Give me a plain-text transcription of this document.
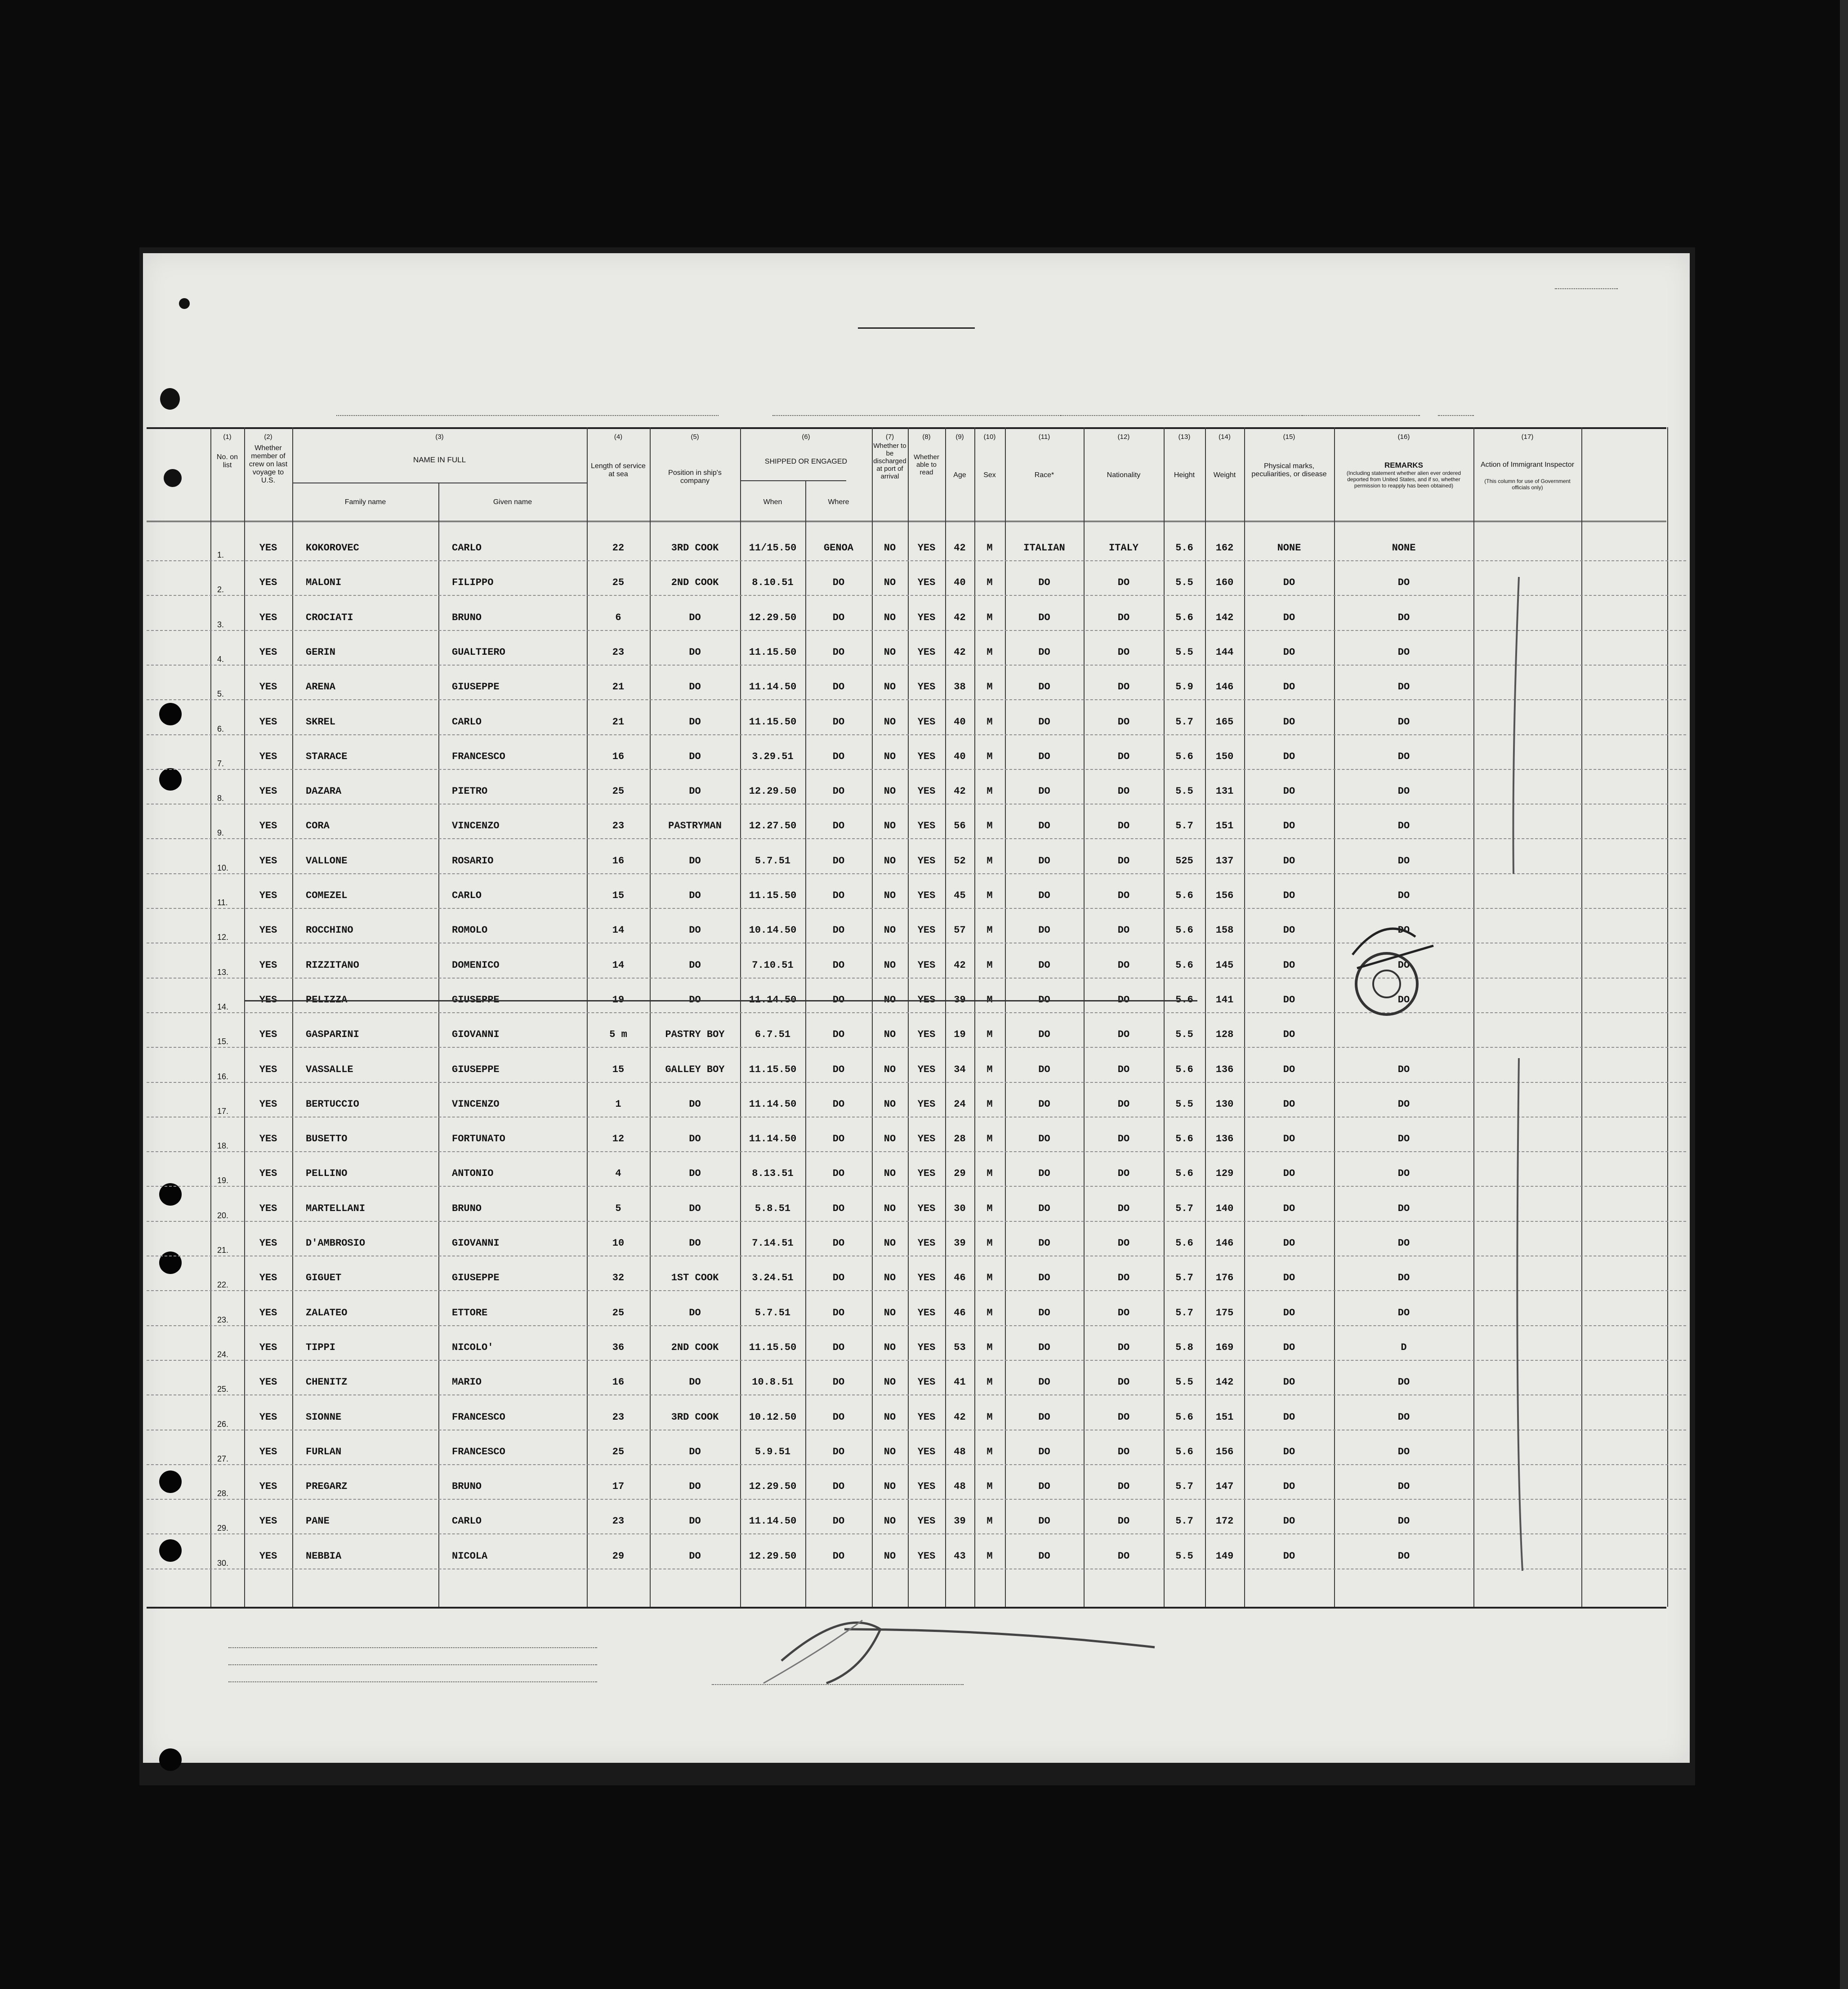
(1)
No. on list
(2)
Whether member of crew on last voyage to U.S.
(3)
NAME IN FULL
Family name	Given name
(4)
Length of service at sea
(5)
Position in ship's company
(6)
SHIPPED OR ENGAGED
When	Where
(7)
Whether to be discharged at port of arrival
(8)
Whether able to read
(9)
Age
(10)
Sex
(11)
Race*
(12)
Nationality
(13)
Height
(14)
Weight
(15)
Physical marks, peculiarities, or disease
(16)
REMARKS
(Including statement whether alien ever ordered deported from United States, and if so, whether permission to reapply has been obtained)
(17)
Action of Immigrant Inspector
(This column for use of Government officials only)
1.
YES	KOKOROVEC	CARLO	22	3RD COOK	11/15.50	GENOA	NO	YES	42	M	ITALIAN	ITALY	5.6	162	NONE	NONE
2.
YES	MALONI	FILIPPO	25	2ND COOK	8.10.51	DO	NO	YES	40	M	DO	DO	5.5	160	DO	DO
3.
YES	CROCIATI	BRUNO	6	DO	12.29.50	DO	NO	YES	42	M	DO	DO	5.6	142	DO	DO
4.
YES	GERIN	GUALTIERO	23	DO	11.15.50	DO	NO	YES	42	M	DO	DO	5.5	144	DO	DO
5.
YES	ARENA	GIUSEPPE	21	DO	11.14.50	DO	NO	YES	38	M	DO	DO	5.9	146	DO	DO
6.
YES	SKREL	CARLO	21	DO	11.15.50	DO	NO	YES	40	M	DO	DO	5.7	165	DO	DO
7.
YES	STARACE	FRANCESCO	16	DO	3.29.51	DO	NO	YES	40	M	DO	DO	5.6	150	DO	DO
8.
YES	DAZARA	PIETRO	25	DO	12.29.50	DO	NO	YES	42	M	DO	DO	5.5	131	DO	DO
9.
YES	CORA	VINCENZO	23	PASTRYMAN	12.27.50	DO	NO	YES	56	M	DO	DO	5.7	151	DO	DO
10.
YES	VALLONE	ROSARIO	16	DO	5.7.51	DO	NO	YES	52	M	DO	DO	525	137	DO	DO
11.
YES	COMEZEL	CARLO	15	DO	11.15.50	DO	NO	YES	45	M	DO	DO	5.6	156	DO	DO
12.
YES	ROCCHINO	ROMOLO	14	DO	10.14.50	DO	NO	YES	57	M	DO	DO	5.6	158	DO	DO
13.
YES	RIZZITANO	DOMENICO	14	DO	7.10.51	DO	NO	YES	42	M	DO	DO	5.6	145	DO	DO
14.
YES	PELIZZA	GIUSEPPE	19	DO	11.14.50	DO	NO	YES	39	M	DO	DO	5.6	141	DO	DO
15.
YES	GASPARINI	GIOVANNI	5 m	PASTRY BOY	6.7.51	DO	NO	YES	19	M	DO	DO	5.5	128	DO
16.
YES	VASSALLE	GIUSEPPE	15	GALLEY BOY	11.15.50	DO	NO	YES	34	M	DO	DO	5.6	136	DO	DO
17.
YES	BERTUCCIO	VINCENZO	1	DO	11.14.50	DO	NO	YES	24	M	DO	DO	5.5	130	DO	DO
18.
YES	BUSETTO	FORTUNATO	12	DO	11.14.50	DO	NO	YES	28	M	DO	DO	5.6	136	DO	DO
19.
YES	PELLINO	ANTONIO	4	DO	8.13.51	DO	NO	YES	29	M	DO	DO	5.6	129	DO	DO
20.
YES	MARTELLANI	BRUNO	5	DO	5.8.51	DO	NO	YES	30	M	DO	DO	5.7	140	DO	DO
21.
YES	D'AMBROSIO	GIOVANNI	10	DO	7.14.51	DO	NO	YES	39	M	DO	DO	5.6	146	DO	DO
22.
YES	GIGUET	GIUSEPPE	32	1ST COOK	3.24.51	DO	NO	YES	46	M	DO	DO	5.7	176	DO	DO
23.
YES	ZALATEO	ETTORE	25	DO	5.7.51	DO	NO	YES	46	M	DO	DO	5.7	175	DO	DO
24.
YES	TIPPI	NICOLO'	36	2ND COOK	11.15.50	DO	NO	YES	53	M	DO	DO	5.8	169	DO	D
25.
YES	CHENITZ	MARIO	16	DO	10.8.51	DO	NO	YES	41	M	DO	DO	5.5	142	DO	DO
26.
YES	SIONNE	FRANCESCO	23	3RD COOK	10.12.50	DO	NO	YES	42	M	DO	DO	5.6	151	DO	DO
27.
YES	FURLAN	FRANCESCO	25	DO	5.9.51	DO	NO	YES	48	M	DO	DO	5.6	156	DO	DO
28.
YES	PREGARZ	BRUNO	17	DO	12.29.50	DO	NO	YES	48	M	DO	DO	5.7	147	DO	DO
29.
YES	PANE	CARLO	23	DO	11.14.50	DO	NO	YES	39	M	DO	DO	5.7	172	DO	DO
30.
YES	NEBBIA	NICOLA	29	DO	12.29.50	DO	NO	YES	43	M	DO	DO	5.5	149	DO	DO
